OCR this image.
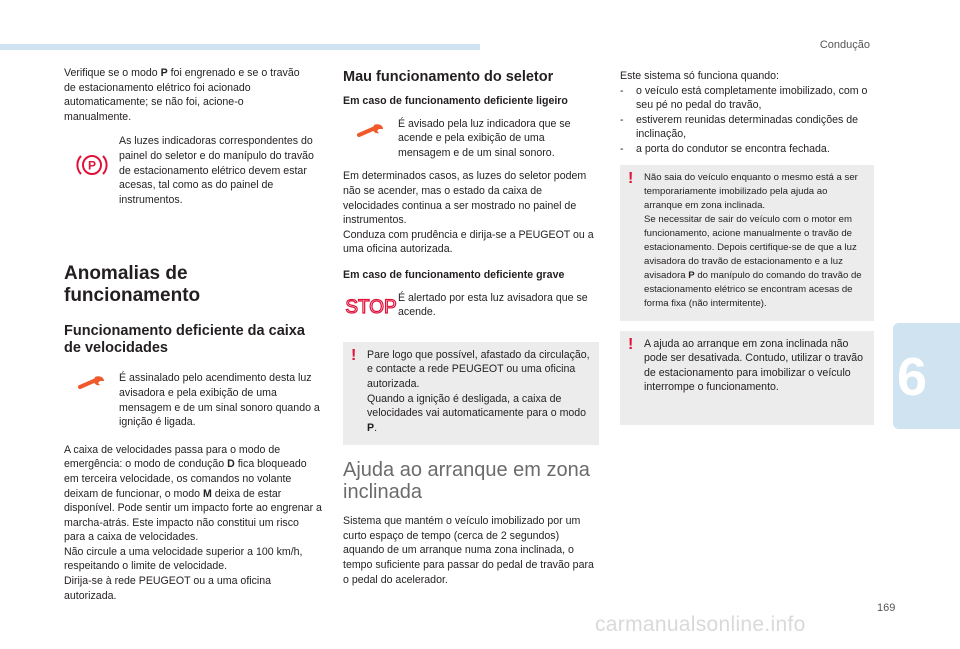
Condução

Verifique se o modo P foi engrenado e se o travão de estacionamento elétrico foi acionado automaticamente; se não foi, acione-o manualmente.

P

As luzes indicadoras correspondentes do painel do seletor e do manípulo do travão de estacionamento elétrico devem estar acesas, tal como as do painel de instrumentos.

Anomalias de funcionamento
Funcionamento deficiente da caixa de velocidades

É assinalado pelo acendimento desta luz avisadora e pela exibição de uma mensagem e de um sinal sonoro quando a ignição é ligada.

A caixa de velocidades passa para o modo de emergência: o modo de condução D fica bloqueado em terceira velocidade, os comandos no volante deixam de funcionar, o modo M deixa de estar disponível. Pode sentir um impacto forte ao engrenar a marcha-atrás. Este impacto não constitui um risco para a caixa de velocidades.

Não circule a uma velocidade superior a 100 km/h, respeitando o limite de velocidade.

Dirija-se à rede PEUGEOT ou a uma oficina autorizada.

Mau funcionamento do seletor
Em caso de funcionamento deficiente ligeiro

É avisado pela luz indicadora que se acende e pela exibição de uma mensagem e de um sinal sonoro.

Em determinados casos, as luzes do seletor podem não se acender, mas o estado da caixa de velocidades continua a ser mostrado no painel de instrumentos.

Conduza com prudência e dirija-se a PEUGEOT ou a uma oficina autorizada.

Em caso de funcionamento deficiente grave
STOP É alertado por esta luz avisadora que se acende.

! Pare logo que possível, afastado da circulação, e contacte a rede PEUGEOT ou uma oficina autorizada.

Quando a ignição é desligada, a caixa de velocidades vai automaticamente para o modo P.

Ajuda ao arranque em zona inclinada

Sistema que mantém o veículo imobilizado por um curto espaço de tempo (cerca de 2 segundos) aquando de um arranque numa zona inclinada, o tempo suficiente para passar do pedal de travão para o pedal do acelerador.

Este sistema só funciona quando:

- o veículo está completamente imobilizado, com o seu pé no pedal do travão,
- estiverem reunidas determinadas condições de inclinação,
- a porta do condutor se encontra fechada.
! Não saia do veículo enquanto o mesmo está a ser temporariamente imobilizado pela ajuda ao arranque em zona inclinada.

Se necessitar de sair do veículo com o motor em funcionamento, acione manualmente o travão de estacionamento. Depois certifique-se de que a luz avisadora do travão de estacionamento e a luz avisadora P do manípulo do comando do travão de estacionamento elétrico se encontram acesas de forma fixa (não intermitente).

! A ajuda ao arranque em zona inclinada não pode ser desativada. Contudo, utilizar o travão de estacionamento para imobilizar o veículo interrompe o funcionamento.	6
169
carmanualsonline.info
